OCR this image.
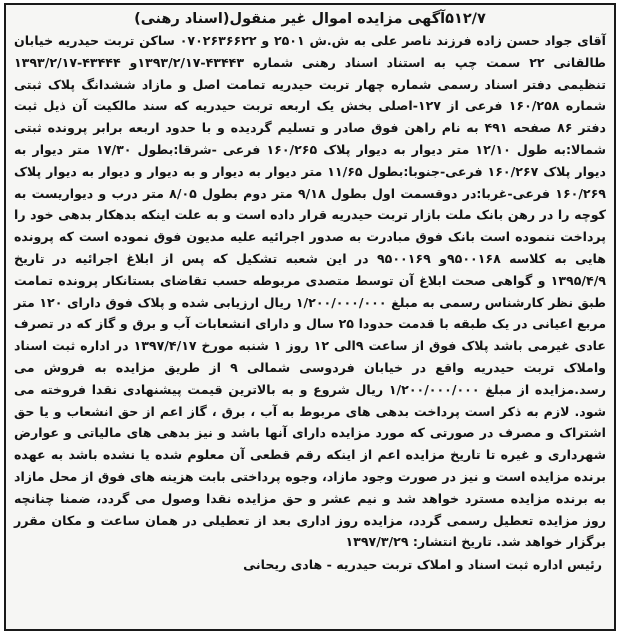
۵۱۲/۷آگهی مزایده اموال غیر منقول(اسناد رهنی)

آقای جواد حسن زاده فرزند ناصر علی به ش.ش ۲۵۰۱ و ۰۷۰۲۶۳۶۶۲۲ ساکن تربت حیدریه خیابان طالقانی ۲۲ سمت چپ به استناد اسناد رهنی شماره ۴۳۴۴۳-۱۳۹۳/۲/۱۷و ۴۳۴۴۴-۱۳۹۳/۲/۱۷ تنظیمی دفتر اسناد رسمی شماره چهار تربت حیدریه تمامت اصل و مازاد ششدانگ پلاک ثبتی شماره ۱۶۰/۲۵۸ فرعی از ۱۲۷-اصلی بخش یک اربعه تربت حیدریه که سند مالکیت آن ذیل ثبت دفتر ۸۶ صفحه ۴۹۱ به نام راهن فوق صادر و تسلیم گردیده و با حدود اربعه برابر پرونده ثبتی شمالا:به طول ۱۲/۱۰ متر دیوار به دیوار پلاک ۱۶۰/۲۶۵ فرعی -شرقا:بطول ۱۷/۳۰ متر دیوار به دیوار پلاک ۱۶۰/۲۶۷ فرعی-جنوبا:بطول ۱۱/۶۵ متر دیوار به دیوار و به دیوار و دیوار به دیوار پلاک ۱۶۰/۲۶۹ فرعی-غربا:در دوقسمت اول بطول ۹/۱۸ متر دوم بطول ۸/۰۵ متر درب و دیواریست به کوچه را در رهن بانک ملت بازار تربت حیدریه قرار داده است و به علت اینکه بدهکار بدهی خود را پرداخت ننموده است بانک فوق مبادرت به صدور اجرائیه علیه مدیون فوق نموده است که پرونده هایی به کلاسه ۹۵۰۰۱۶۸و ۹۵۰۰۱۶۹ در این شعبه تشکیل که پس از ابلاغ اجرائیه در تاریخ ۱۳۹۵/۴/۹ و گواهی صحت ابلاغ آن توسط متصدی مربوطه حسب تقاضای بستانکار پرونده تمامت طبق نظر کارشناس رسمی به مبلغ ۱/۲۰۰/۰۰۰/۰۰۰ ریال ارزیابی شده و پلاک فوق دارای ۱۲۰ متر مربع اعیانی در یک طبقه با قدمت حدودا ۲۵ سال و دارای انشعابات آب و برق و گاز که در تصرف عادی غیرمی باشد پلاک فوق از ساعت ۹الی ۱۲ روز ۱ شنبه مورخ ۱۳۹۷/۴/۱۷ در اداره ثبت اسناد واملاک تربت حیدریه واقع در خیابان فردوسی شمالی ۹ از طریق مزایده به فروش می رسد.مزایده از مبلغ ۱/۲۰۰/۰۰۰/۰۰۰ ریال شروع و به بالاترین قیمت پیشنهادی نقدا فروخته می شود. لازم به ذکر است پرداخت بدهی های مربوط به آب ، برق ، گاز اعم از حق انشعاب و یا حق اشتراک و مصرف در صورتی که مورد مزایده دارای آنها باشد و نیز بدهی های مالیاتی و عوارض شهرداری و غیره تا تاریخ مزایده اعم از اینکه رقم قطعی آن معلوم شده یا نشده باشد به عهده برنده مزایده است و نیز در صورت وجود مازاد، وجوه پرداختی بابت هزینه های فوق از محل مازاد به برنده مزایده مسترد خواهد شد و نیم عشر و حق مزایده نقدا وصول می گردد، ضمنا چنانچه روز مزایده تعطیل رسمی گردد، مزایده روز اداری بعد از تعطیلی در همان ساعت و مکان مقرر برگزار خواهد شد. تاریخ انتشار: ۱۳۹۷/۳/۲۹

رئیس اداره ثبت اسناد و املاک تربت حیدریه - هادی ریحانی
